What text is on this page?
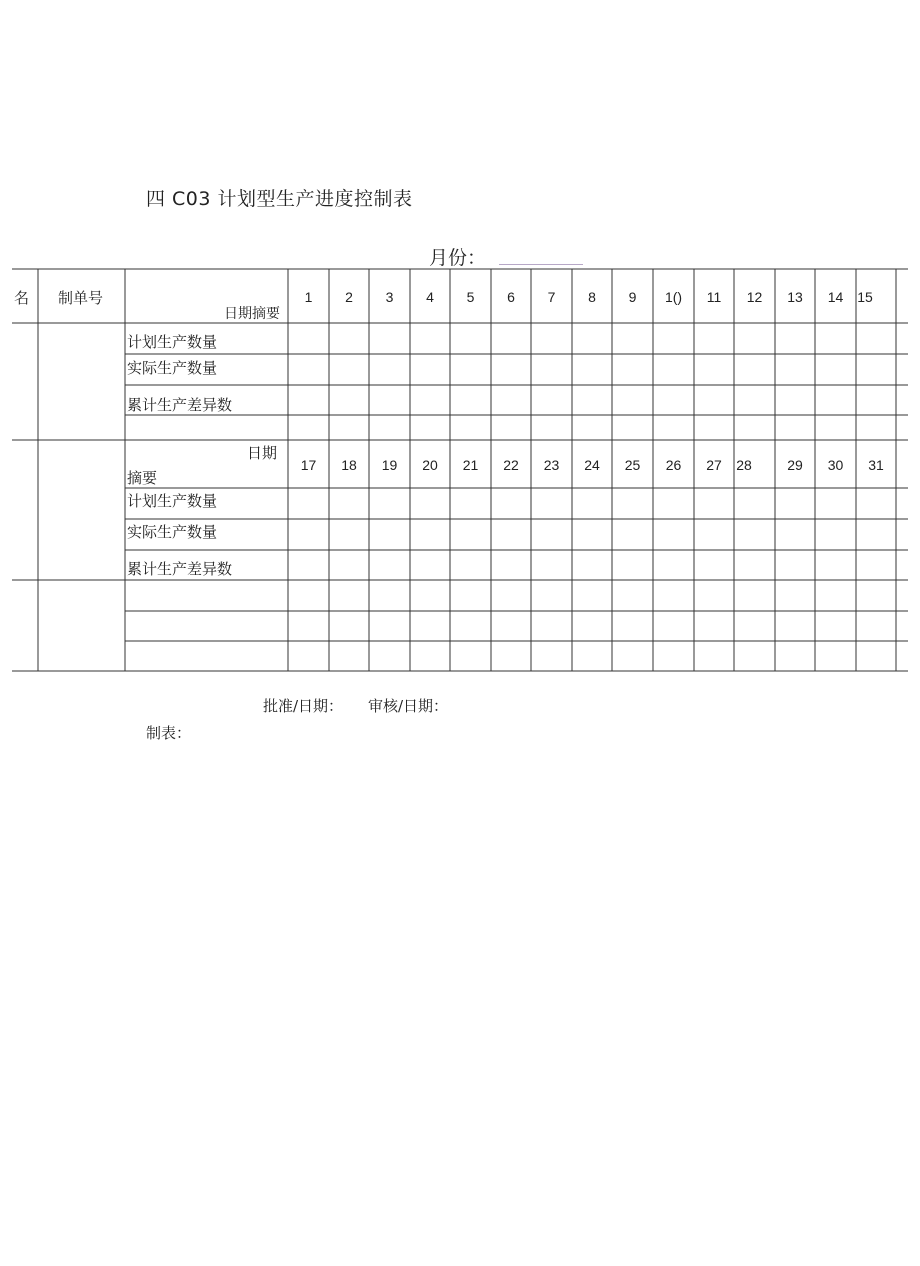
四 C03 计划型生产进度控制表
月份：
名 制单号
日期摘要
1 2 3 4 5 6 7 8 9 1() 11 12 13 14 15
计划生产数量
实际生产数量
累计生产差异数
日期
摘要
17 18 19 20 21 22 23 24 25 26 27 28	29 30 31
计划生产数量
实际生产数量
累计生产差异数
批准/日期： 审核/日期：
制表：
